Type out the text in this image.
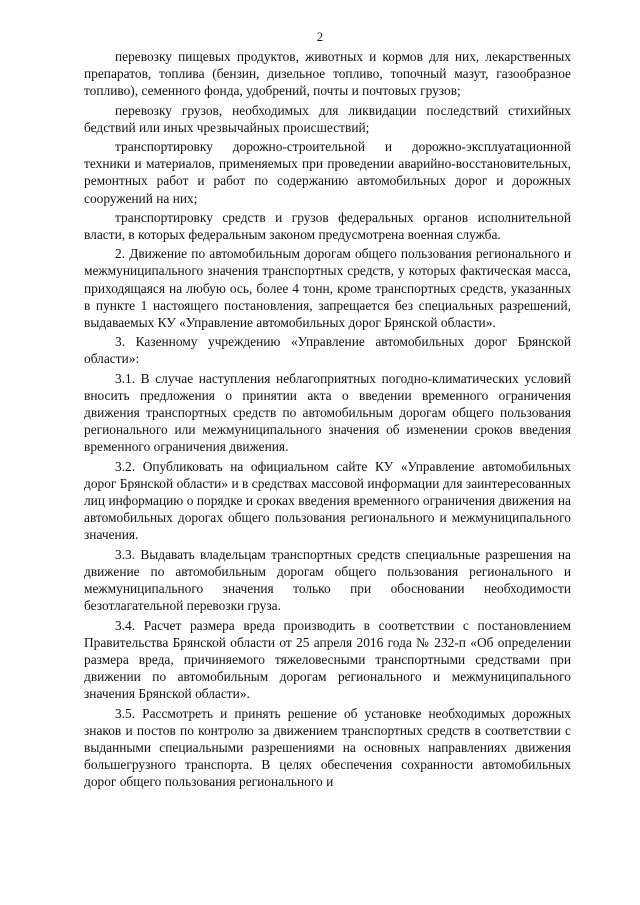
2

перевозку пищевых продуктов, животных и кормов для них, лекарственных препаратов, топлива (бензин, дизельное топливо, топочный мазут, газообразное топливо), семенного фонда, удобрений, почты и почтовых грузов;

перевозку грузов, необходимых для ликвидации последствий стихийных бедствий или иных чрезвычайных происшествий;

транспортировку дорожно-строительной и дорожно-эксплуатационной техники и материалов, применяемых при проведении аварийно-восстановительных, ремонтных работ и работ по содержанию автомобильных дорог и дорожных сооружений на них;

транспортировку средств и грузов федеральных органов исполнительной власти, в которых федеральным законом предусмотрена военная служба.

2. Движение по автомобильным дорогам общего пользования регионального и межмуниципального значения транспортных средств, у которых фактическая масса, приходящаяся на любую ось, более 4 тонн, кроме транспортных средств, указанных в пункте 1 настоящего постановления, запрещается без специальных разрешений, выдаваемых КУ «Управление автомобильных дорог Брянской области».

3. Казенному учреждению «Управление автомобильных дорог Брянской области»:

3.1. В случае наступления неблагоприятных погодно-климатических условий вносить предложения о принятии акта о введении временного ограничения движения транспортных средств по автомобильным дорогам общего пользования регионального или межмуниципального значения об изменении сроков введения временного ограничения движения.

3.2. Опубликовать на официальном сайте КУ «Управление автомобильных дорог Брянской области» и в средствах массовой информации для заинтересованных лиц информацию о порядке и сроках введения временного ограничения движения на автомобильных дорогах общего пользования регионального и межмуниципального значения.

3.3. Выдавать владельцам транспортных средств специальные разрешения на движение по автомобильным дорогам общего пользования регионального и межмуниципального значения только при обосновании необходимости безотлагательной перевозки груза.

3.4. Расчет размера вреда производить в соответствии с постановлением Правительства Брянской области от 25 апреля 2016 года № 232-п «Об определении размера вреда, причиняемого тяжеловесными транспортными средствами при движении по автомобильным дорогам регионального и межмуниципального значения Брянской области».

3.5. Рассмотреть и принять решение об установке необходимых дорожных знаков и постов по контролю за движением транспортных средств в соответствии с выданными специальными разрешениями на основных направлениях движения большегрузного транспорта. В целях обеспечения сохранности автомобильных дорог общего пользования регионального и
